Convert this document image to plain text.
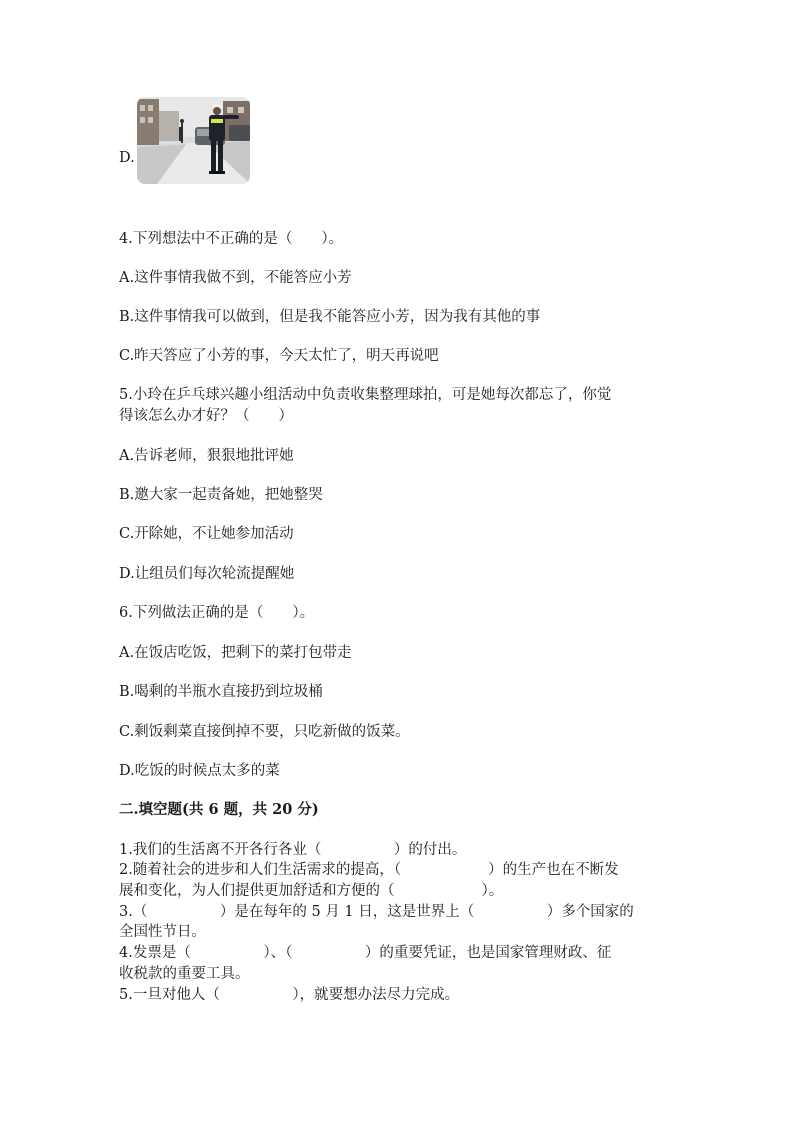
D.
4.下列想法中不正确的是（　　）。
A.这件事情我做不到，不能答应小芳
B.这件事情我可以做到，但是我不能答应小芳，因为我有其他的事
C.昨天答应了小芳的事，今天太忙了，明天再说吧
5.小玲在乒乓球兴趣小组活动中负责收集整理球拍，可是她每次都忘了，你觉
得该怎么办才好？（　　）
A.告诉老师，狠狠地批评她
B.邀大家一起责备她，把她整哭
C.开除她，不让她参加活动
D.让组员们每次轮流提醒她
6.下列做法正确的是（　　）。
A.在饭店吃饭，把剩下的菜打包带走
B.喝剩的半瓶水直接扔到垃圾桶
C.剩饭剩菜直接倒掉不要，只吃新做的饭菜。
D.吃饭的时候点太多的菜
二.填空题(共 6 题，共 20 分)
1.我们的生活离不开各行各业（　　　　　）的付出。
2.随着社会的进步和人们生活需求的提高，（　　　　　　）的生产也在不断发
展和变化，为人们提供更加舒适和方便的（　　　　　　）。
3.（　　　　　）是在每年的 5 月 1 日，这是世界上（　　　　　）多个国家的
全国性节日。
4.发票是（　　　　　）、（　　　　　）的重要凭证，也是国家管理财政、征
收税款的重要工具。
5.一旦对他人（　　　　　），就要想办法尽力完成。
